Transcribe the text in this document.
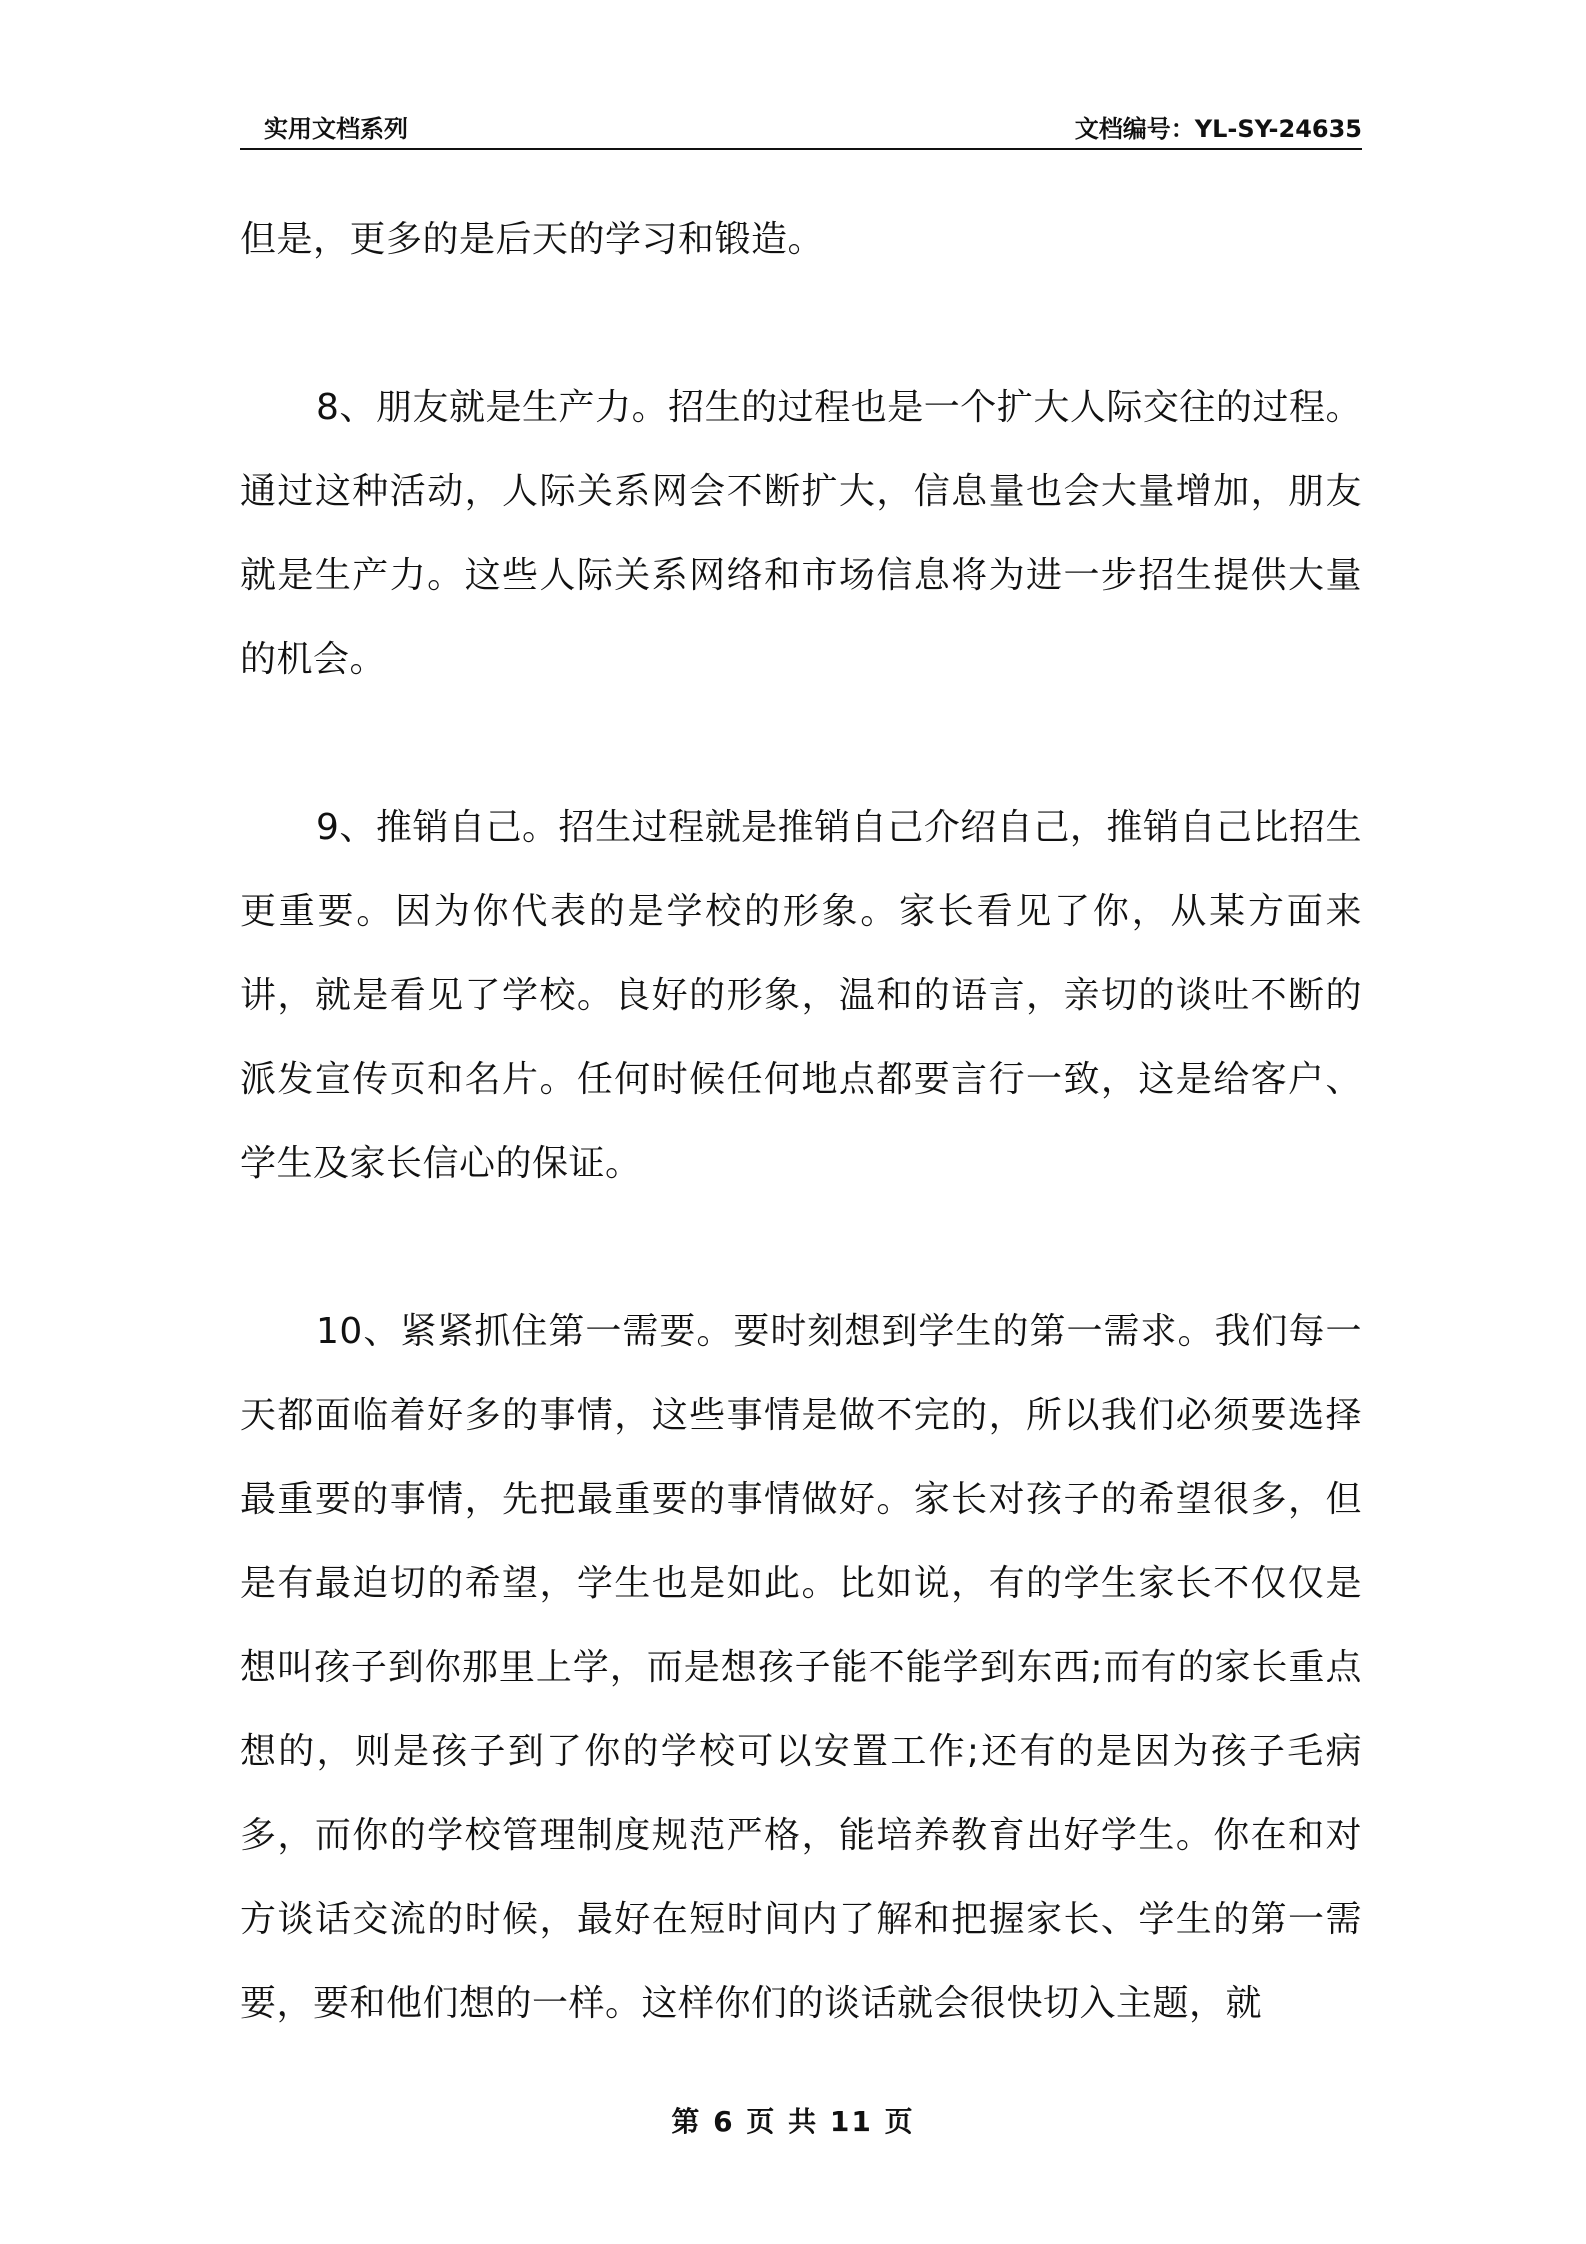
实用文档系列	文档编号：YL-SY-24635

但是，更多的是后天的学习和锻造。

8、朋友就是生产力。招生的过程也是一个扩大人际交往的过程。通过这种活动，人际关系网会不断扩大，信息量也会大量增加，朋友就是生产力。这些人际关系网络和市场信息将为进一步招生提供大量的机会。

9、推销自己。招生过程就是推销自己介绍自己，推销自己比招生更重要。因为你代表的是学校的形象。家长看见了你，从某方面来讲，就是看见了学校。良好的形象，温和的语言，亲切的谈吐不断的派发宣传页和名片。任何时候任何地点都要言行一致，这是给客户、学生及家长信心的保证。

10、紧紧抓住第一需要。要时刻想到学生的第一需求。我们每一天都面临着好多的事情，这些事情是做不完的，所以我们必须要选择最重要的事情，先把最重要的事情做好。家长对孩子的希望很多，但是有最迫切的希望，学生也是如此。比如说，有的学生家长不仅仅是想叫孩子到你那里上学，而是想孩子能不能学到东西;而有的家长重点想的，则是孩子到了你的学校可以安置工作;还有的是因为孩子毛病多，而你的学校管理制度规范严格，能培养教育出好学生。你在和对方谈话交流的时候，最好在短时间内了解和把握家长、学生的第一需要，要和他们想的一样。这样你们的谈话就会很快切入主题，就

第 6 页 共 11 页
